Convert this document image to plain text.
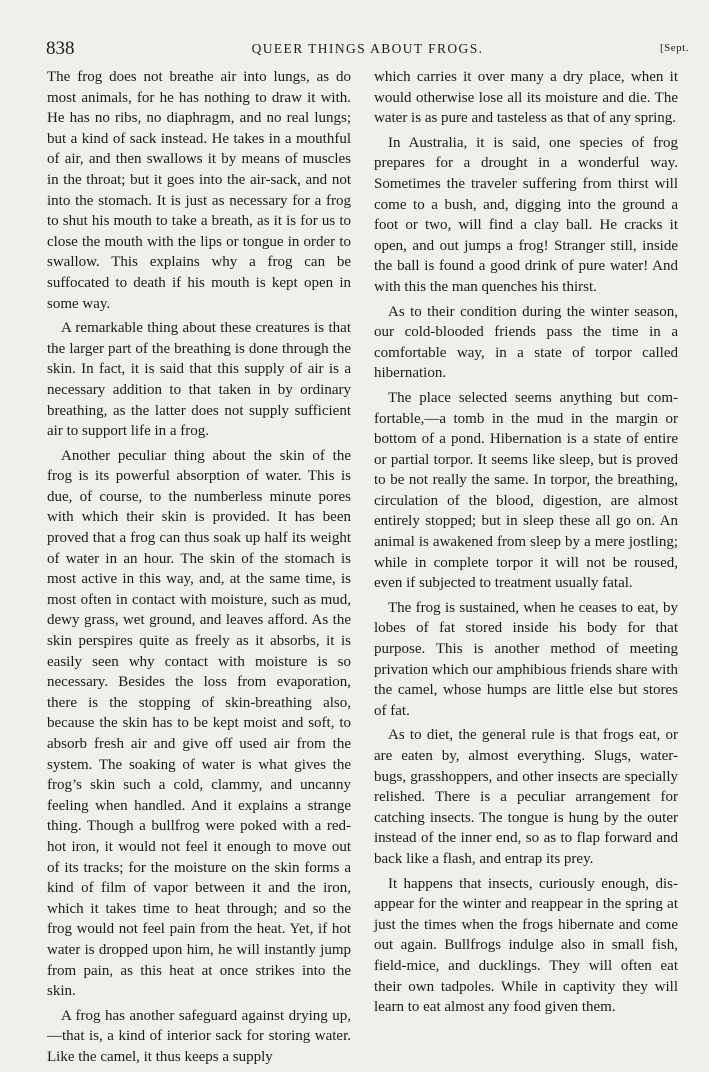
838	QUEER THINGS ABOUT FROGS.	[Sept.

The frog does not breathe air into lungs, as do most animals, for he has nothing to draw it with. He has no ribs, no diaphragm, and no real lungs; but a kind of sack instead. He takes in a mouthful of air, and then swallows it by means of muscles in the throat; but it goes into the air-sack, and not into the stomach. It is just as necessary for a frog to shut his mouth to take a breath, as it is for us to close the mouth with the lips or tongue in order to swallow. This explains why a frog can be suffocated to death if his mouth is kept open in some way.

A remarkable thing about these creatures is that the larger part of the breathing is done through the skin. In fact, it is said that this supply of air is a necessary addition to that taken in by ordinary breathing, as the latter does not supply sufficient air to support life in a frog.

Another peculiar thing about the skin of the frog is its powerful absorption of water. This is due, of course, to the numberless minute pores with which their skin is provided. It has been proved that a frog can thus soak up half its weight of water in an hour. The skin of the stomach is most active in this way, and, at the same time, is most often in contact with moisture, such as mud, dewy grass, wet ground, and leaves afford. As the skin perspires quite as freely as it absorbs, it is easily seen why contact with moisture is so necessary. Besides the loss from evaporation, there is the stopping of skin-breathing also, because the skin has to be kept moist and soft, to absorb fresh air and give off used air from the system. The soaking of water is what gives the frog’s skin such a cold, clammy, and uncanny feeling when handled. And it explains a strange thing. Though a bullfrog were poked with a red-hot iron, it would not feel it enough to move out of its tracks; for the moisture on the skin forms a kind of film of vapor between it and the iron, which it takes time to heat through; and so the frog would not feel pain from the heat. Yet, if hot water is dropped upon him, he will instantly jump from pain, as this heat at once strikes into the skin.

A frog has another safeguard against drying up,—that is, a kind of interior sack for storing water. Like the camel, it thus keeps a supply

which carries it over many a dry place, when it would otherwise lose all its moisture and die. The water is as pure and tasteless as that of any spring.

In Australia, it is said, one species of frog prepares for a drought in a wonderful way. Sometimes the traveler suffering from thirst will come to a bush, and, digging into the ground a foot or two, will find a clay ball. He cracks it open, and out jumps a frog! Stranger still, inside the ball is found a good drink of pure water! And with this the man quenches his thirst.

As to their condition during the winter season, our cold-blooded friends pass the time in a comfortable way, in a state of torpor called hibernation.

The place selected seems anything but comfortable,—a tomb in the mud in the margin or bottom of a pond. Hibernation is a state of entire or partial torpor. It seems like sleep, but is proved to be not really the same. In torpor, the breathing, circulation of the blood, digestion, are almost entirely stopped; but in sleep these all go on. An animal is awakened from sleep by a mere jostling; while in complete torpor it will not be roused, even if subjected to treatment usually fatal.

The frog is sustained, when he ceases to eat, by lobes of fat stored inside his body for that purpose. This is another method of meeting privation which our amphibious friends share with the camel, whose humps are little else but stores of fat.

As to diet, the general rule is that frogs eat, or are eaten by, almost everything. Slugs, water-bugs, grasshoppers, and other insects are specially relished. There is a peculiar arrangement for catching insects. The tongue is hung by the outer instead of the inner end, so as to flap forward and back like a flash, and entrap its prey.

It happens that insects, curiously enough, disappear for the winter and reappear in the spring at just the times when the frogs hibernate and come out again. Bullfrogs indulge also in small fish, field-mice, and ducklings. They will often eat their own tadpoles. While in captivity they will learn to eat almost any food given them.
